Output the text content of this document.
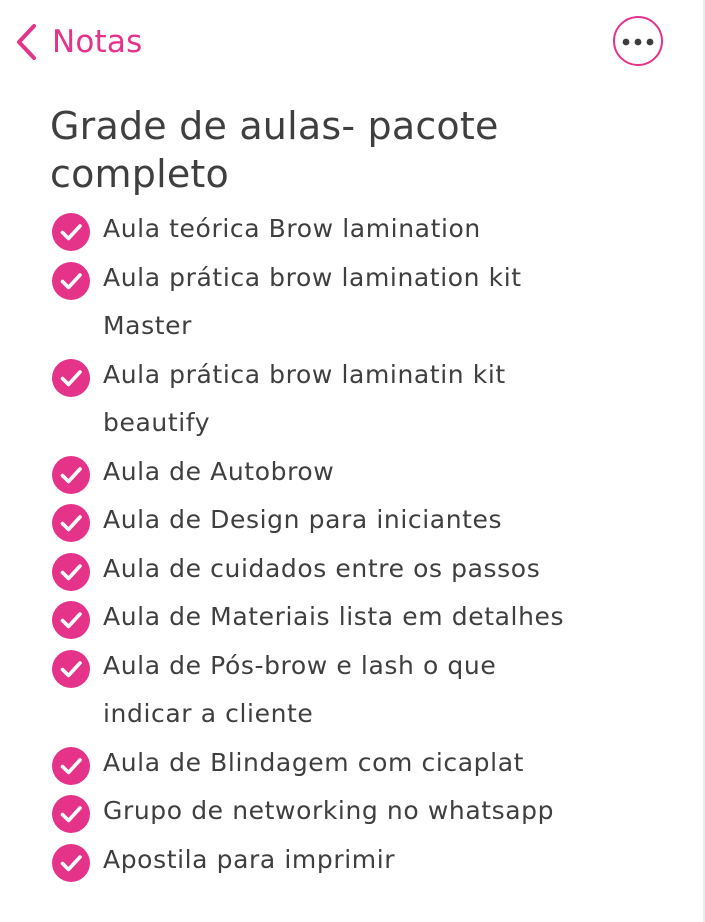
Notas
Grade de aulas- pacote completo
Aula teórica Brow lamination
Aula prática brow lamination kit Master
Aula prática brow laminatin kit beautify
Aula de Autobrow
Aula de Design para iniciantes
Aula de cuidados entre os passos
Aula de Materiais lista em detalhes
Aula de Pós-brow e lash o que indicar a cliente
Aula de Blindagem com cicaplat
Grupo de networking no whatsapp
Apostila para imprimir
